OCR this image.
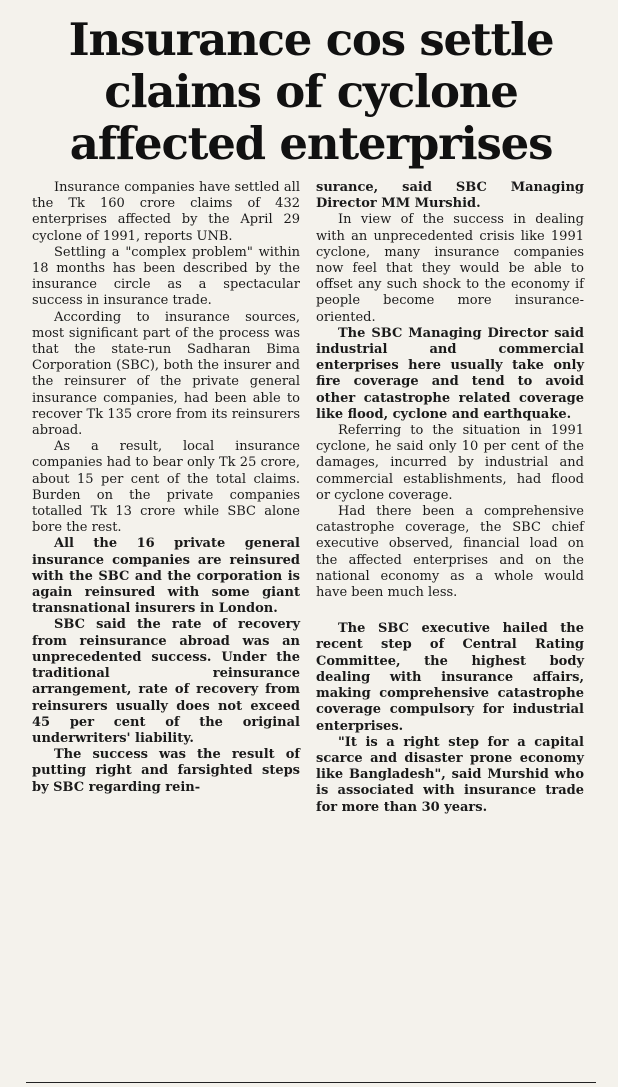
Insurance cos settle
claims of cyclone
affected enterprises

Insurance companies have settled all the Tk 160 crore claims of 432 enterprises affected by the April 29 cyclone of 1991, reports UNB.

Settling a "complex problem" within 18 months has been described by the insurance circle as a spectacular success in insurance trade.

According to insurance sources, most significant part of the process was that the state-run Sadharan Bima Corporation (SBC), both the insurer and the reinsurer of the private general insurance companies, had been able to recover Tk 135 crore from its reinsurers abroad.

As a result, local insurance companies had to bear only Tk 25 crore, about 15 per cent of the total claims. Burden on the private companies totalled Tk 13 crore while SBC alone bore the rest.

All the 16 private general insurance companies are reinsured with the SBC and the corporation is again reinsured with some giant transnational insurers in London.

SBC said the rate of recovery from reinsurance abroad was an unprecedented success. Under the traditional reinsurance arrangement, rate of recovery from reinsurers usually does not exceed 45 per cent of the original underwriters' liability.

The success was the result of putting right and farsighted steps by SBC regarding rein-

surance, said SBC Managing Director MM Murshid.

In view of the success in dealing with an unprecedented crisis like 1991 cyclone, many insurance companies now feel that they would be able to offset any such shock to the economy if people become more insurance-oriented.

The SBC Managing Director said industrial and commercial enterprises here usually take only fire coverage and tend to avoid other catastrophe related coverage like flood, cyclone and earthquake.

Referring to the situation in 1991 cyclone, he said only 10 per cent of the damages, incurred by industrial and commercial establishments, had flood or cyclone coverage.

Had there been a comprehensive catastrophe coverage, the SBC chief executive observed, financial load on the affected enterprises and on the national economy as a whole would have been much less.

The SBC executive hailed the recent step of Central Rating Committee, the highest body dealing with insurance affairs, making comprehensive catastrophe coverage compulsory for industrial enterprises.

"It is a right step for a capital scarce and disaster prone economy like Bangladesh", said Murshid who is associated with insurance trade for more than 30 years.
